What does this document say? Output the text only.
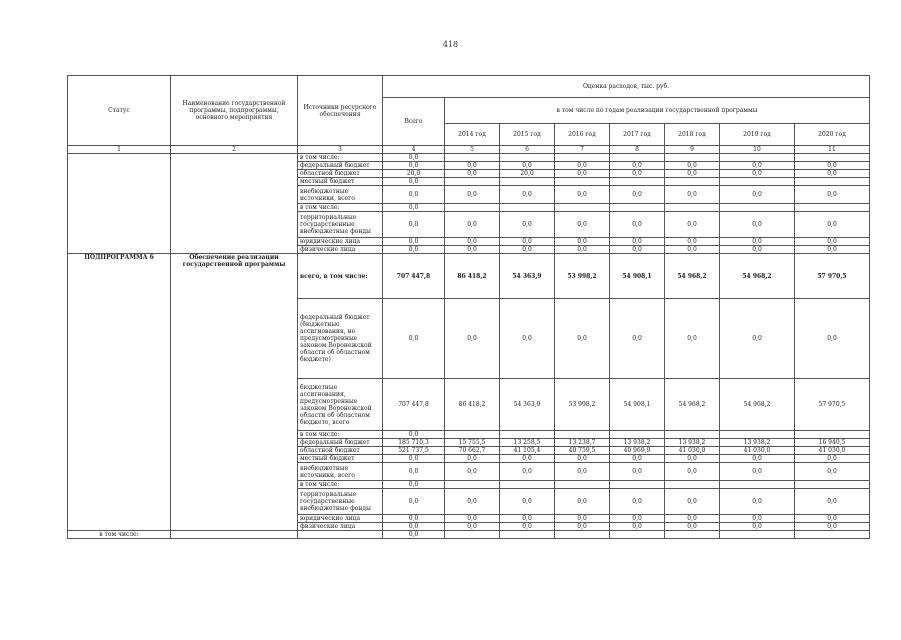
418
Статус	Наименование государственной программы, подпрограммы, основного мероприятия	Источники ресурсного обеспечения	Оценка расходов, тыс. руб.							
			Всего	в том числе по годам реализации государственной программы						
				2014 год	2015 год	2016 год	2017 год	2018 год	2019 год	2020 год
1	2	3	4	5	6	7	8	9	10	11
		в том числе:	0,0							
		федеральный бюджет	0,0	0,0	0,0	0,0	0,0	0,0	0,0	0,0
		областной бюджет	20,0	0,0	20,0	0,0	0,0	0,0	0,0	0,0
		местный бюджет	0,0							
		внебюджетные источники, всего	0,0	0,0	0,0	0,0	0,0	0,0	0,0	0,0
		в том числе:	0,0							
		территориальные государственные внебюджетные фонды	0,0	0,0	0,0	0,0	0,0	0,0	0,0	0,0
		юридические лица	0,0	0,0	0,0	0,0	0,0	0,0	0,0	0,0
		физические лица	0,0	0,0	0,0	0,0	0,0	0,0	0,0	0,0
ПОДПРОГРАММА 6	Обеспечение реализации государственной программы	всего, в том числе:	707 447,8	86 418,2	54 363,9	53 998,2	54 908,1	54 968,2	54 968,2	57 970,5
		федеральный бюджет (бюджетные ассигнования, не предусмотренные законом Воронежской области об областном бюджете)	0,0	0,0	0,0	0,0	0,0	0,0	0,0	0,0
		бюджетные ассигнования, предусмотренные законом Воронежской области об областном бюджете, всего	707 447,8	86 418,2	54 363,9	53 998,2	54 908,1	54 968,2	54 968,2	57 970,5
		в том числе:	0,0							
		федеральный бюджет	185 710,3	15 755,5	13 258,5	13 238,7	13 938,2	13 938,2	13 938,2	16 940,5
		областной бюджет	521 737,5	70 662,7	41 105,4	40 759,5	40 969,9	41 030,0	41 030,0	41 030,0
		местный бюджет	0,0	0,0	0,0	0,0	0,0	0,0	0,0	0,0
		внебюджетные источники, всего	0,0	0,0	0,0	0,0	0,0	0,0	0,0	0,0
		в том числе:	0,0							
		территориальные государственные внебюджетные фонды	0,0	0,0	0,0	0,0	0,0	0,0	0,0	0,0
		юридические лица	0,0	0,0	0,0	0,0	0,0	0,0	0,0	0,0
		физические лица	0,0	0,0	0,0	0,0	0,0	0,0	0,0	0,0
в том числе:			0,0							
